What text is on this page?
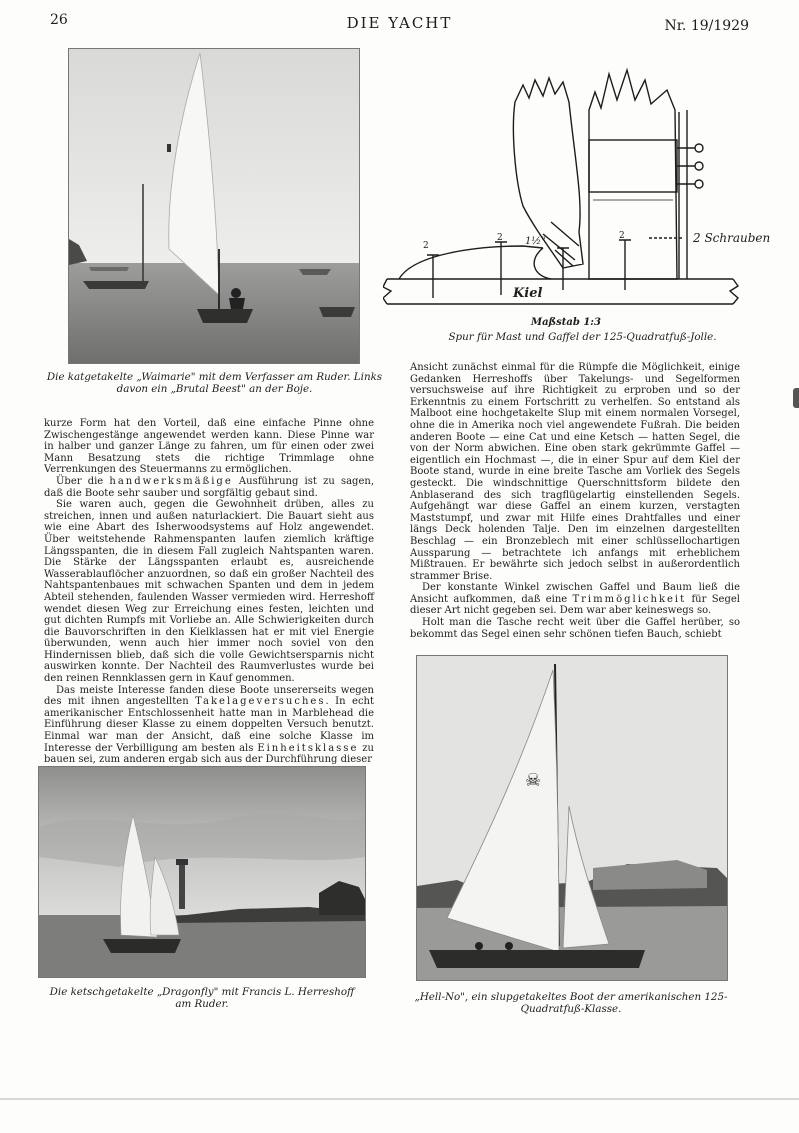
26	DIE YACHT	Nr. 19/1929
Die katgetakelte „Waimarie" mit dem Verfasser am Ruder. Links davon ein „Brutal Beest" an der Boje.
1½"
2
2	2	2 Schrauben
Kiel
Maßstab 1:3
Spur für Mast und Gaffel der 125-Quadratfuß-Jolle.

kurze Form hat den Vorteil, daß eine einfache Pinne ohne Zwischengestänge angewendet werden kann. Diese Pinne war in halber und ganzer Länge zu fahren, um für einen oder zwei Mann Besatzung stets die richtige Trimmlage ohne Verrenkungen des Steuermanns zu ermöglichen.

Über die handwerksmäßige Ausführung ist zu sagen, daß die Boote sehr sauber und sorgfältig gebaut sind.

Sie waren auch, gegen die Gewohnheit drüben, alles zu streichen, innen und außen naturlackiert. Die Bauart sieht aus wie eine Abart des Isherwoodsystems auf Holz angewendet. Über weitstehende Rahmenspanten laufen ziemlich kräftige Längsspanten, die in diesem Fall zugleich Nahtspanten waren. Die Stärke der Längsspanten erlaubt es, ausreichende Wasserablauflöcher anzuordnen, so daß ein großer Nachteil des Nahtspantenbaues mit schwachen Spanten und dem in jedem Abteil stehenden, faulenden Wasser vermieden wird. Herreshoff wendet diesen Weg zur Erreichung eines festen, leichten und gut dichten Rumpfs mit Vorliebe an. Alle Schwierigkeiten durch die Bauvorschriften in den Kielklassen hat er mit viel Energie überwunden, wenn auch hier immer noch soviel von den Hindernissen blieb, daß sich die volle Gewichtsersparnis nicht auswirken konnte. Der Nachteil des Raumverlustes wurde bei den reinen Rennklassen gern in Kauf genommen.

Das meiste Interesse fanden diese Boote unsererseits wegen des mit ihnen angestellten Takelageversuches. In echt amerikanischer Entschlossenheit hatte man in Marblehead die Einführung dieser Klasse zu einem doppelten Versuch benutzt. Einmal war man der Ansicht, daß eine solche Klasse im Interesse der Verbilligung am besten als Einheitsklasse zu bauen sei, zum anderen ergab sich aus der Durchführung dieser

Ansicht zunächst einmal für die Rümpfe die Möglichkeit, einige Gedanken Herreshoffs über Takelungs- und Segelformen versuchsweise auf ihre Richtigkeit zu erproben und so der Erkenntnis zu einem Fortschritt zu verhelfen. So entstand als Malboot eine hochgetakelte Slup mit einem normalen Vorsegel, ohne die in Amerika noch viel angewendete Fußrah. Die beiden anderen Boote — eine Cat und eine Ketsch — hatten Segel, die von der Norm abwichen. Eine oben stark gekrümmte Gaffel — eigentlich ein Hochmast —, die in einer Spur auf dem Kiel der Boote stand, wurde in eine breite Tasche am Vorliek des Segels gesteckt. Die windschnittige Querschnittsform bildete den Anblaserand des sich tragflügelartig einstellenden Segels. Aufgehängt war diese Gaffel an einem kurzen, verstagten Maststumpf, und zwar mit Hilfe eines Drahtfalles und einer längs Deck holenden Talje. Den im einzelnen dargestellten Beschlag — ein Bronzeblech mit einer schlüssellochartigen Aussparung — betrachtete ich anfangs mit erheblichem Mißtrauen. Er bewährte sich jedoch selbst in außerordentlich strammer Brise.

Der konstante Winkel zwischen Gaffel und Baum ließ die Ansicht aufkommen, daß eine Trimmöglichkeit für Segel dieser Art nicht gegeben sei. Dem war aber keineswegs so.

Holt man die Tasche recht weit über die Gaffel herüber, so bekommt das Segel einen sehr schönen tiefen Bauch, schiebt

Die ketschgetakelte „Dragonfly" mit Francis L. Herreshoff am Ruder.
☠
„Hell-No", ein slupgetakeltes Boot der amerikanischen 125-Quadratfuß-Klasse.
